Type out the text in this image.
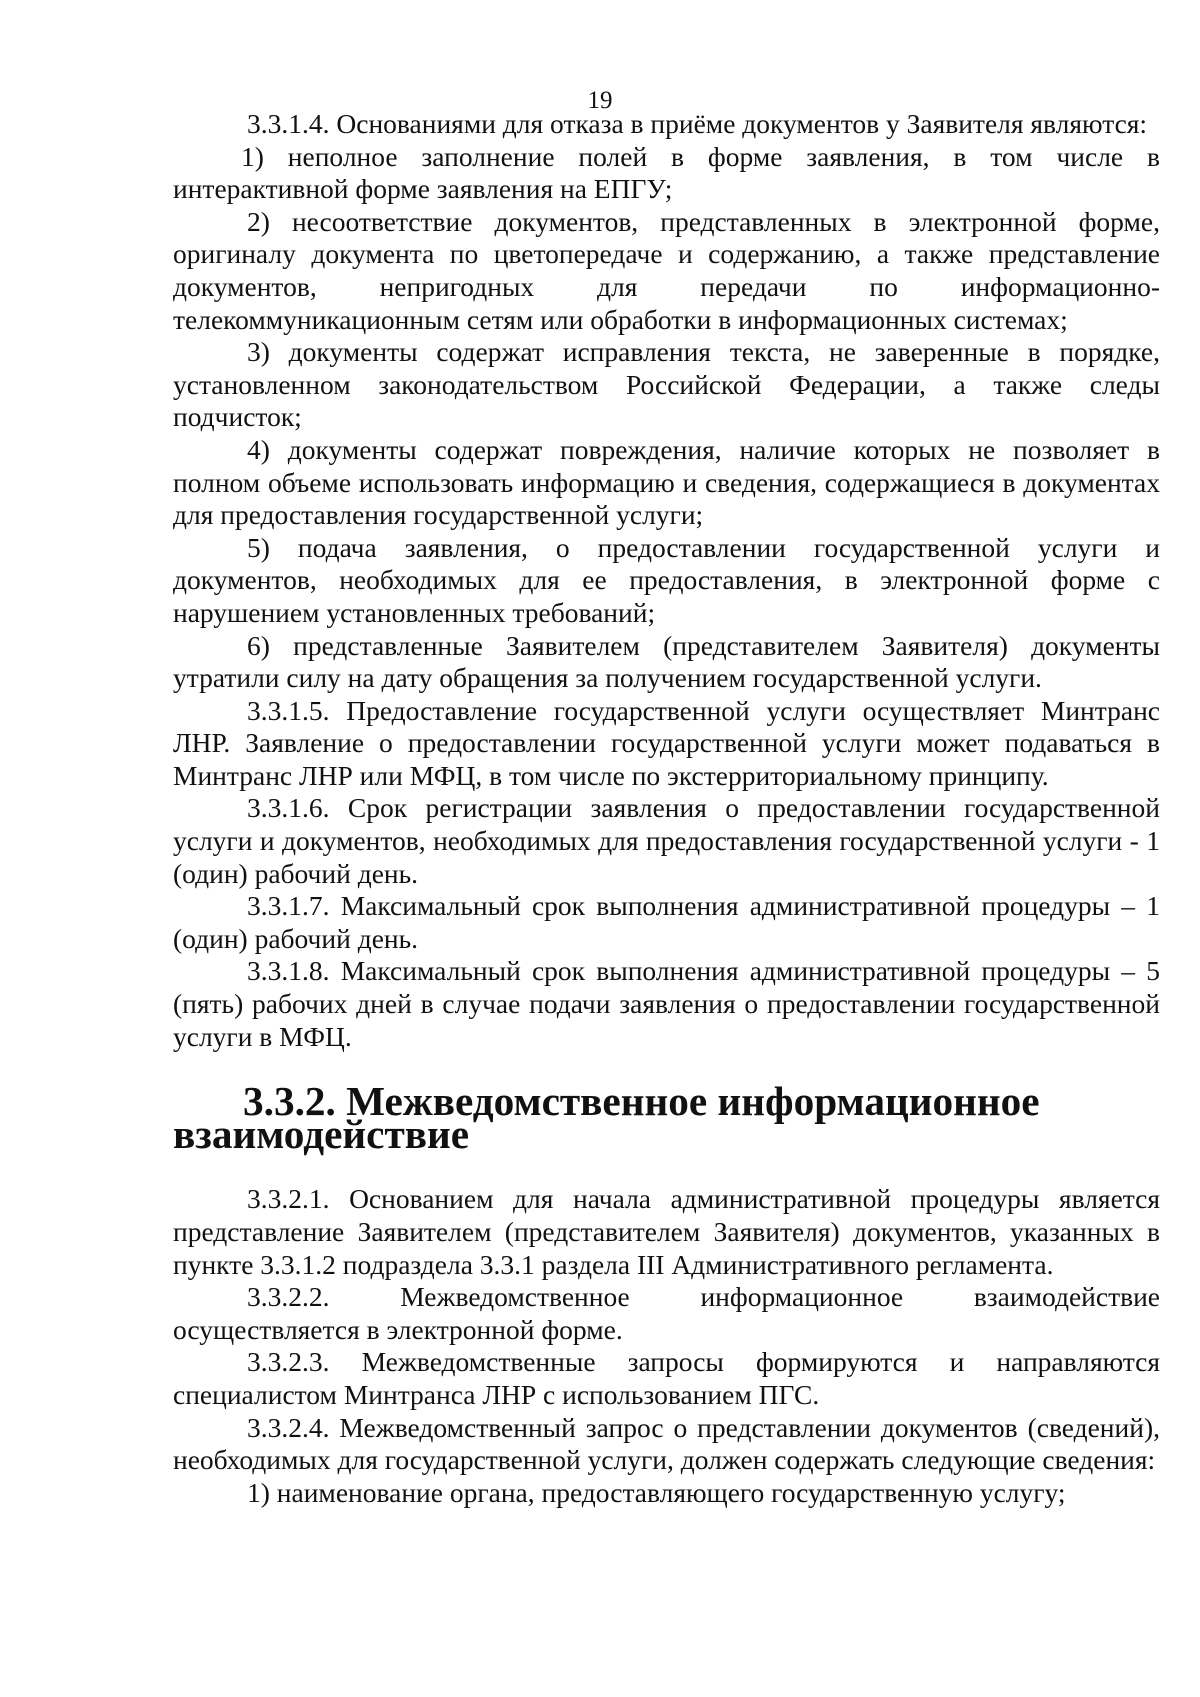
19

3.3.1.4. Основаниями для отказа в приёме документов у Заявителя являются:

1) неполное заполнение полей в форме заявления, в том числе в интерактивной форме заявления на ЕПГУ;

2) несоответствие документов, представленных в электронной форме, оригиналу документа по цветопередаче и содержанию, а также представление документов, непригодных для передачи по информационно-телекоммуникационным сетям или обработки в информационных системах;

3) документы содержат исправления текста, не заверенные в порядке, установленном законодательством Российской Федерации, а также следы подчисток;

4) документы содержат повреждения, наличие которых не позволяет в полном объеме использовать информацию и сведения, содержащиеся в документах для предоставления государственной услуги;

5) подача заявления, о предоставлении государственной услуги и документов, необходимых для ее предоставления, в электронной форме с нарушением установленных требований;

6) представленные Заявителем (представителем Заявителя) документы утратили силу на дату обращения за получением государственной услуги.

3.3.1.5. Предоставление государственной услуги осуществляет Минтранс ЛНР. Заявление о предоставлении государственной услуги может подаваться в Минтранс ЛНР или МФЦ, в том числе по экстерриториальному принципу.

3.3.1.6. Срок регистрации заявления о предоставлении государственной услуги и документов, необходимых для предоставления государственной услуги - 1 (один) рабочий день.

3.3.1.7. Максимальный срок выполнения административной процедуры – 1 (один) рабочий день.

3.3.1.8. Максимальный срок выполнения административной процедуры – 5 (пять) рабочих дней в случае подачи заявления о предоставлении государственной услуги в МФЦ.

3.3.2. Межведомственное информационное взаимодействие

3.3.2.1. Основанием для начала административной процедуры является представление Заявителем (представителем Заявителя) документов, указанных в пункте 3.3.1.2 подраздела 3.3.1 раздела III Административного регламента.

3.3.2.2. Межведомственное информационное взаимодействие осуществляется в электронной форме.

3.3.2.3. Межведомственные запросы формируются и направляются специалистом Минтранса ЛНР с использованием ПГС.

3.3.2.4. Межведомственный запрос о представлении документов (сведений), необходимых для государственной услуги, должен содержать следующие сведения:

1) наименование органа, предоставляющего государственную услугу;
